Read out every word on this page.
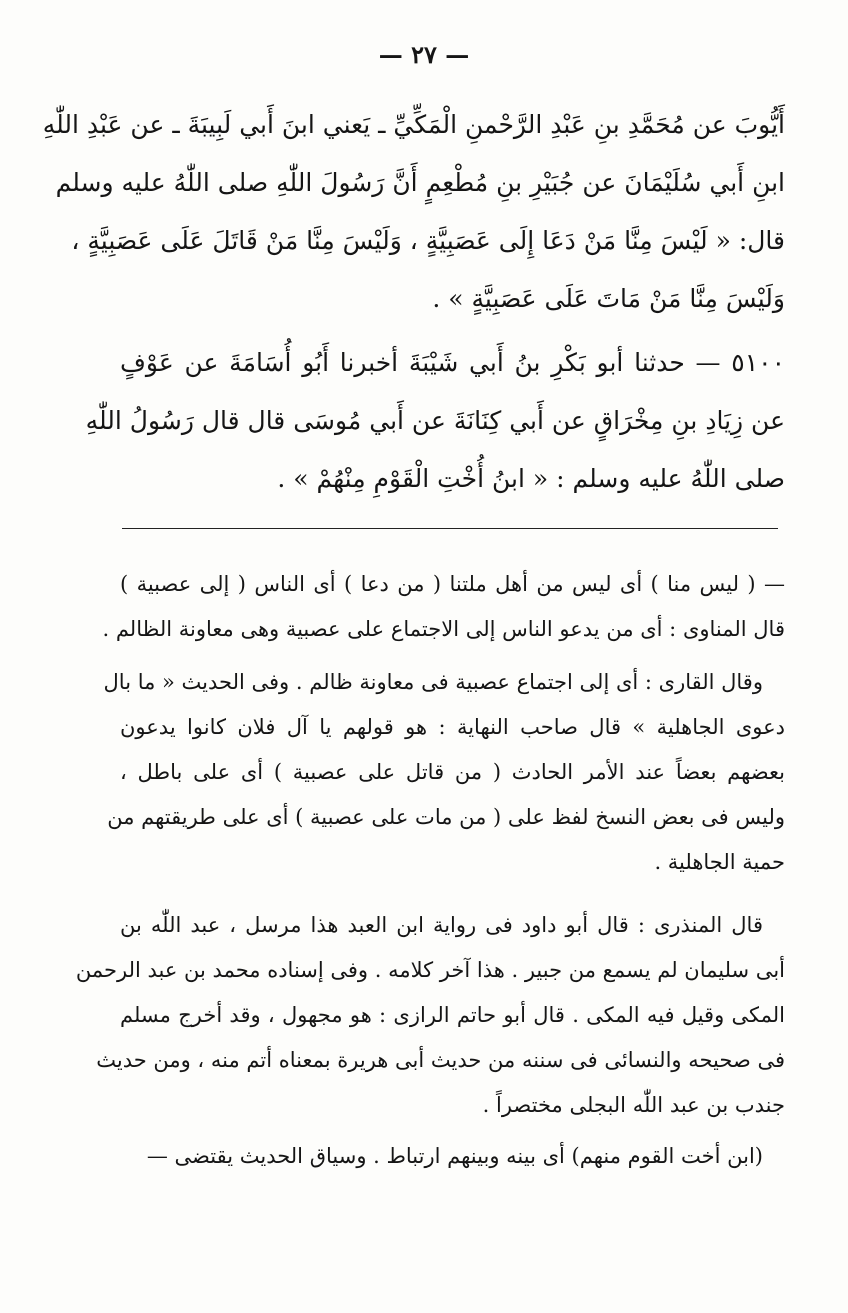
— ٢٧ —
أَيُّوبَ عن مُحَمَّدِ بنِ عَبْدِ الرَّحْمنِ الْمَكِّيِّ ـ يَعني ابنَ أَبي لَبِيبَةَ ـ عن عَبْدِ اللّٰهِ
ابنِ أَبي سُلَيْمَانَ عن جُبَيْرِ بنِ مُطْعِمٍ أَنَّ رَسُولَ اللّٰهِ صلى اللّٰهُ عليه وسلم
قال: « لَيْسَ مِنَّا مَنْ دَعَا إِلَى عَصَبِيَّةٍ ، وَلَيْسَ مِنَّا مَنْ قَاتَلَ عَلَى عَصَبِيَّةٍ ،
وَلَيْسَ مِنَّا مَنْ مَاتَ عَلَى عَصَبِيَّةٍ » .
٥١٠٠ — حدثنا أبو بَكْرِ بنُ أَبي شَيْبَةَ أخبرنا أَبُو أُسَامَةَ عن عَوْفٍ
عن زِيَادِ بنِ مِخْرَاقٍ عن أَبي كِنَانَةَ عن أَبي مُوسَى قال قال رَسُولُ اللّٰهِ
صلى اللّٰهُ عليه وسلم : « ابنُ أُخْتِ الْقَوْمِ مِنْهُمْ » .
— ( ليس منا ) أى ليس من أهل ملتنا ( من دعا ) أى الناس ( إلى عصبية )
قال المناوى : أى من يدعو الناس إلى الاجتماع على عصبية وهى معاونة الظالم .
وقال القارى : أى إلى اجتماع عصبية فى معاونة ظالم . وفى الحديث « ما بال
دعوى الجاهلية » قال صاحب النهاية : هو قولهم يا آل فلان كانوا يدعون
بعضهم بعضاً عند الأمر الحادث ( من قاتل على عصبية ) أى على باطل ،
وليس فى بعض النسخ لفظ على ( من مات على عصبية ) أى على طريقتهم من
حمية الجاهلية .
قال المنذرى : قال أبو داود فى رواية ابن العبد هذا مرسل ، عبد اللّٰه بن
أبى سليمان لم يسمع من جبير . هذا آخر كلامه . وفى إسناده محمد بن عبد الرحمن
المكى وقيل فيه المكى . قال أبو حاتم الرازى : هو مجهول ، وقد أخرج مسلم
فى صحيحه والنسائى فى سننه من حديث أبى هريرة بمعناه أتم منه ، ومن حديث
جندب بن عبد اللّٰه البجلى مختصراً .
(ابن أخت القوم منهم) أى بينه وبينهم ارتباط . وسياق الحديث يقتضى —
